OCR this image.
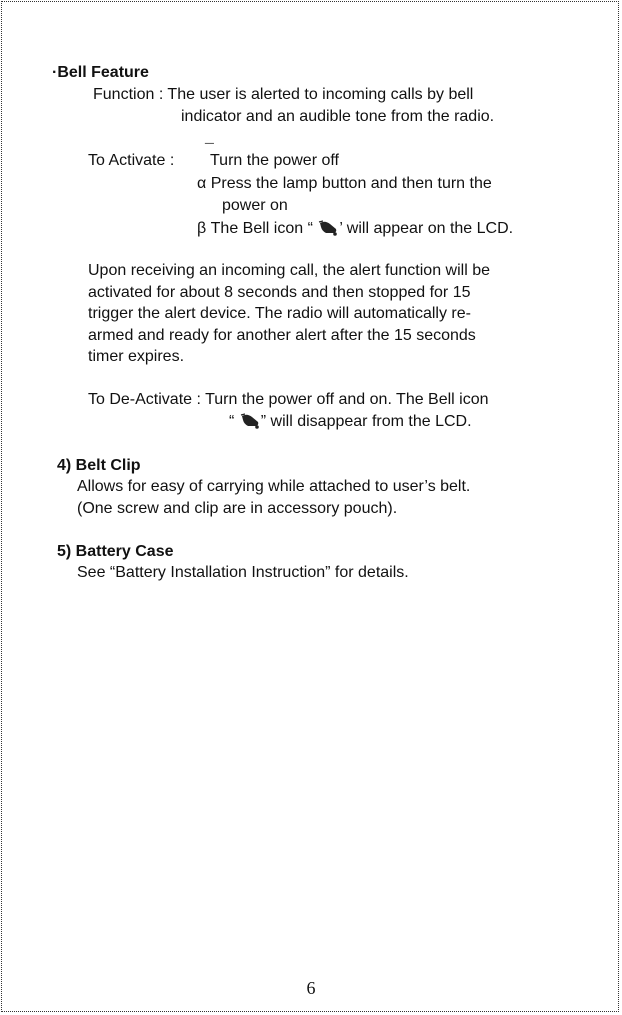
·Bell Feature
Function : The user is alerted to incoming calls by bell
indicator and an audible tone from the radio.
To Activate :
¯
Turn the power off
α Press the lamp button and then turn the
power on
β The Bell icon “ ’ will appear on the LCD.
Upon receiving an incoming call, the alert function will be
activated for about 8 seconds and then stopped for 15
trigger the alert device. The radio will automatically re-
armed and ready for another alert after the 15 seconds
timer expires.
To De-Activate : Turn the power off and on. The Bell icon
“ ” will disappear from the LCD.
4) Belt Clip
Allows for easy of carrying while attached to user’s belt.
(One screw and clip are in accessory pouch).
5) Battery Case
See “Battery Installation Instruction” for details.
6
